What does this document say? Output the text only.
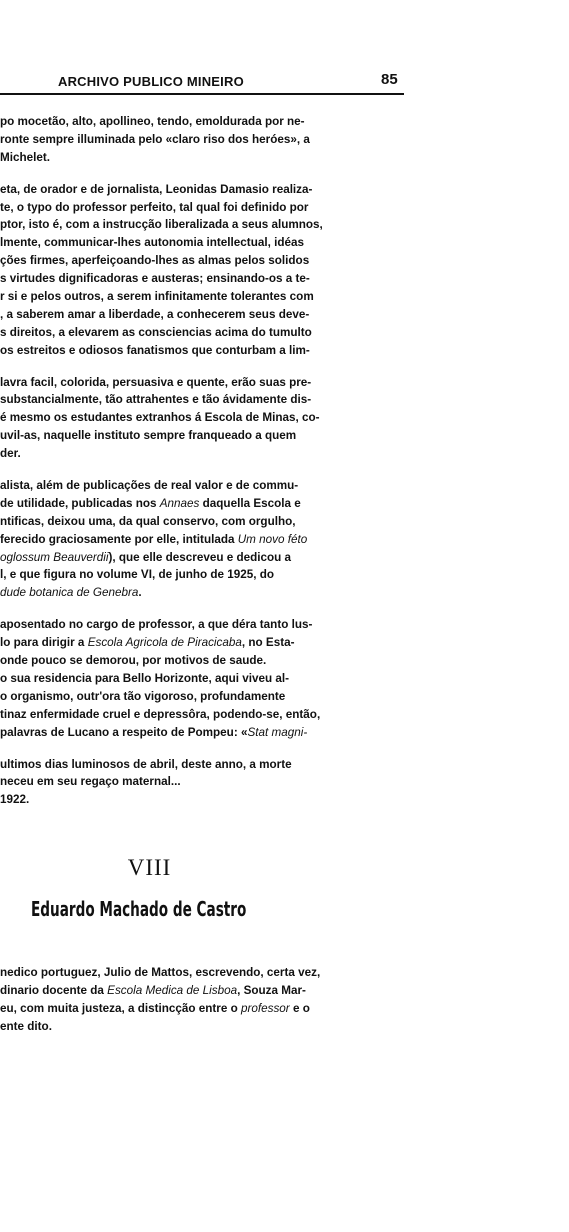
ARCHIVO PUBLICO MINEIRO	85
po mocetão, alto, apollineo, tendo, emoldurada por ne-
ronte sempre illuminada pelo «claro riso dos heróes», a
Michelet.
eta, de orador e de jornalista, Leonidas Damasio realiza-
te, o typo do professor perfeito, tal qual foi definido por
ptor, isto é, com a instrucção liberalizada a seus alumnos,
lmente, communicar-lhes autonomia intellectual, idéas
ções firmes, aperfeiçoando-lhes as almas pelos solidos
s virtudes dignificadoras e austeras; ensinando-os a te-
r si e pelos outros, a serem infinitamente tolerantes com
, a saberem amar a liberdade, a conhecerem seus deve-
s direitos, a elevarem as consciencias acima do tumulto
os estreitos e odiosos fanatismos que conturbam a lim-
lavra facil, colorida, persuasiva e quente, erão suas pre-
substancialmente, tão attrahentes e tão ávidamente dis-
é mesmo os estudantes extranhos á Escola de Minas, co-
uvil-as, naquelle instituto sempre franqueado a quem
der.
alista, além de publicações de real valor e de commu-
de utilidade, publicadas nos Annaes daquella Escola e
ntificas, deixou uma, da qual conservo, com orgulho,
ferecido graciosamente por elle, intitulada Um novo féto
oglossum Beauverdii), que elle descreveu e dedicou a
l, e que figura no volume VI, de junho de 1925, do
dude botanica de Genebra.
aposentado no cargo de professor, a que déra tanto lus-
lo para dirigir a Escola Agricola de Piracicaba, no Esta-
onde pouco se demorou, por motivos de saude.
o sua residencia para Bello Horizonte, aqui viveu al-
o organismo, outr'ora tão vigoroso, profundamente
tinaz enfermidade cruel e depressôra, podendo-se, então,
palavras de Lucano a respeito de Pompeu: «Stat magni-
ultimos dias luminosos de abril, deste anno, a morte
neceu em seu regaço maternal...
1922.
VIII
Eduardo Machado de Castro
nedico portuguez, Julio de Mattos, escrevendo, certa vez,
dinario docente da Escola Medica de Lisboa, Souza Mar-
eu, com muita justeza, a distincção entre o professor e o
ente dito.
